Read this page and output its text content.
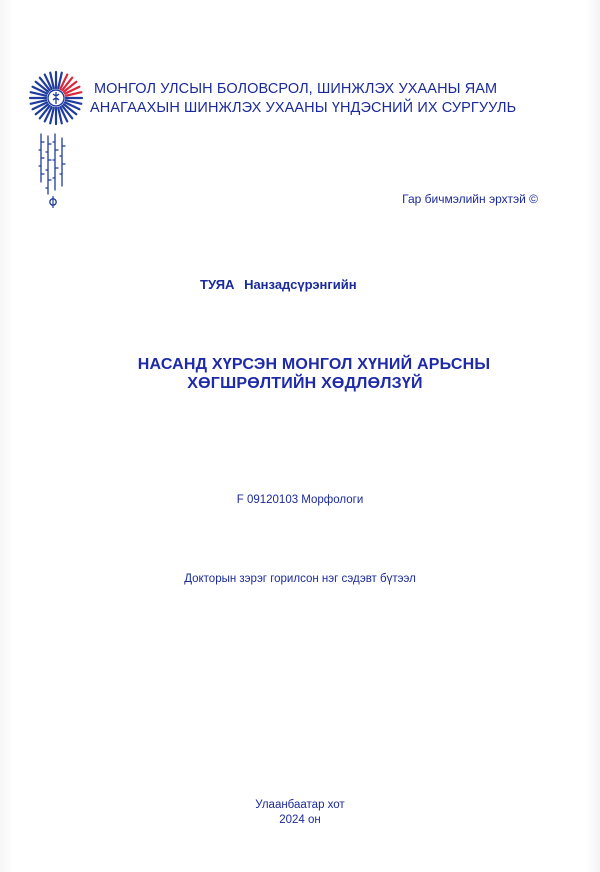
МОНГОЛ УЛСЫН БОЛОВСРОЛ, ШИНЖЛЭХ УХААНЫ ЯАМ
АНАГААХЫН ШИНЖЛЭХ УХААНЫ ҮНДЭСНИЙ ИХ СУРГУУЛЬ
Гар бичмэлийн эрхтэй ©
ТУЯА Нанзадсүрэнгийн
НАСАНД ХҮРСЭН МОНГОЛ ХҮНИЙ АРЬСНЫ
ХӨГШРӨЛТИЙН ХӨДЛӨЛЗҮЙ
F 09120103 Морфологи
Докторын зэрэг горилсон нэг сэдэвт бүтээл
Улаанбаатар хот
2024 он
